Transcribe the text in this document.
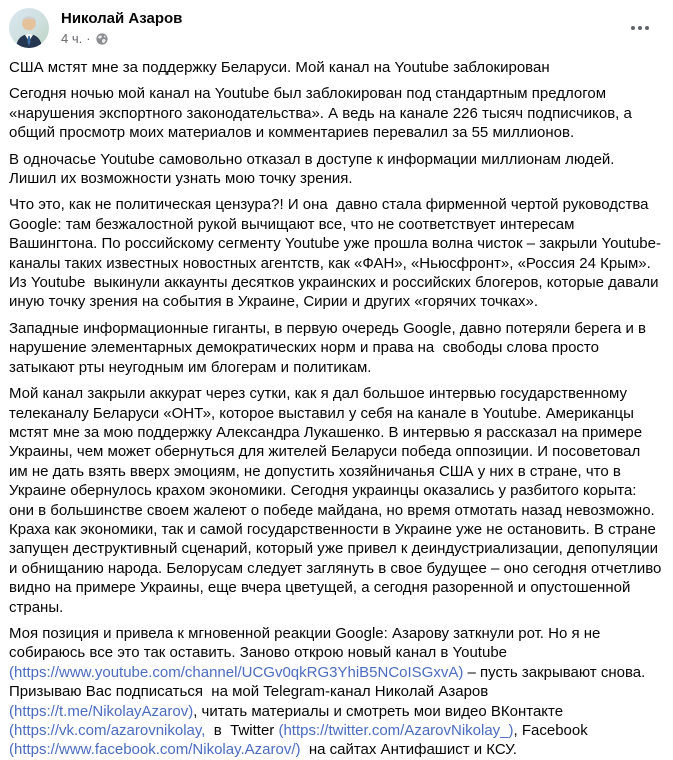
Николай Азаров
4 ч. ·
США мстят мне за поддержку Беларуси. Мой канал на Youtube заблокирован
Сегодня ночью мой канал на Youtube был заблокирован под стандартным предлогом «нарушения экспортного законодательства». А ведь на канале 226 тысяч подписчиков, а общий просмотр моих материалов и комментариев перевалил за 55 миллионов.
В одночасье Youtube самовольно отказал в доступе к информации миллионам людей. Лишил их возможности узнать мою точку зрения.
Что это, как не политическая цензура?! И она  давно стала фирменной чертой руководства Google: там безжалостной рукой вычищают все, что не соответствует интересам Вашингтона. По российскому сегменту Youtube уже прошла волна чисток – закрыли Youtube-каналы таких известных новостных агентств, как «ФАН», «Ньюсфронт», «Россия 24 Крым». Из Youtube  выкинули аккаунты десятков украинских и российских блогеров, которые давали иную точку зрения на события в Украине, Сирии и других «горячих точках».
Западные информационные гиганты, в первую очередь Google, давно потеряли берега и в нарушение элементарных демократических норм и права на  свободы слова просто затыкают рты неугодным им блогерам и политикам.
Мой канал закрыли аккурат через сутки, как я дал большое интервью государственному телеканалу Беларуси «ОНТ», которое выставил у себя на канале в Youtube. Американцы мстят мне за мою поддержку Александра Лукашенко. В интервью я рассказал на примере Украины, чем может обернуться для жителей Беларуси победа оппозиции. И посоветовал им не дать взять вверх эмоциям, не допустить хозяйничанья США у них в стране, что в Украине обернулось крахом экономики. Сегодня украинцы оказались у разбитого корыта: они в большинстве своем жалеют о победе майдана, но время отмотать назад невозможно. Краха как экономики, так и самой государственности в Украине уже не остановить. В стране запущен деструктивный сценарий, который уже привел к деиндустриализации, депопуляции и обнищанию народа. Белорусам следует заглянуть в свое будущее – оно сегодня отчетливо видно на примере Украины, еще вчера цветущей, а сегодня разоренной и опустошенной страны.
Моя позиция и привела к мгновенной реакции Google: Азарову заткнули рот. Но я не собираюсь все это так оставить. Заново открою новый канал в Youtube (https://www.youtube.com/channel/UCGv0qkRG3YhiB5NCoISGxvA) – пусть закрывают снова. Призываю Вас подписаться  на мой Telegram-канал Николай Азаров (https://t.me/NikolayAzarov), читать материалы и смотреть мои видео ВКонтакте (https://vk.com/azarovnikolay,  в  Twitter (https://twitter.com/AzarovNikolay_), Facebook (https://www.facebook.com/Nikolay.Azarov/)  на сайтах Антифашист и КСУ.
